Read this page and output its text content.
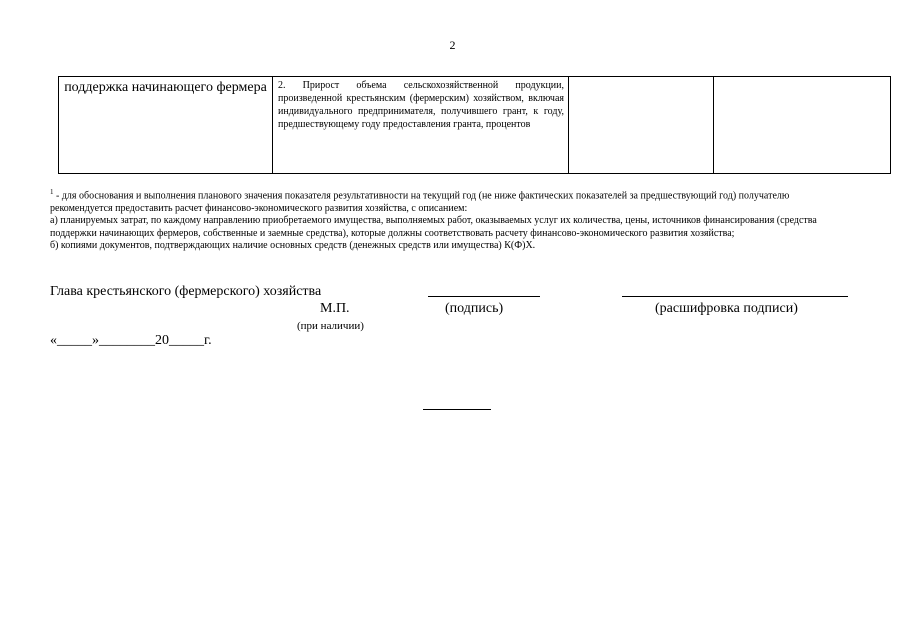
2
поддержка начинающего фермера	2. Прирост объема сельскохозяйственной продукции, произведенной крестьянским (фермерским) хозяйством, включая индивидуального предпринимателя, получившего грант, к году, предшествующему году предоставления гранта, процентов		

$^1$ - для обоснования и выполнения планового значения показателя результативности на текущий год (не ниже фактических показателей за предшествующий год) получателю рекомендуется предоставить расчет финансово-экономического развития хозяйства, с описанием:

а) планируемых затрат, по каждому направлению приобретаемого имущества, выполняемых работ, оказываемых услуг их количества, цены, источников финансирования (средства поддержки начинающих фермеров, собственные и заемные средства), которые должны соответствовать расчету финансово-экономического развития хозяйства;

б) копиями документов, подтверждающих наличие основных средств (денежных средств или имущества) К(Ф)Х.

Глава крестьянского (фермерского) хозяйства
М.П.	(подпись)	(расшифровка подписи)
(при наличии)
«_____»________20_____г.
